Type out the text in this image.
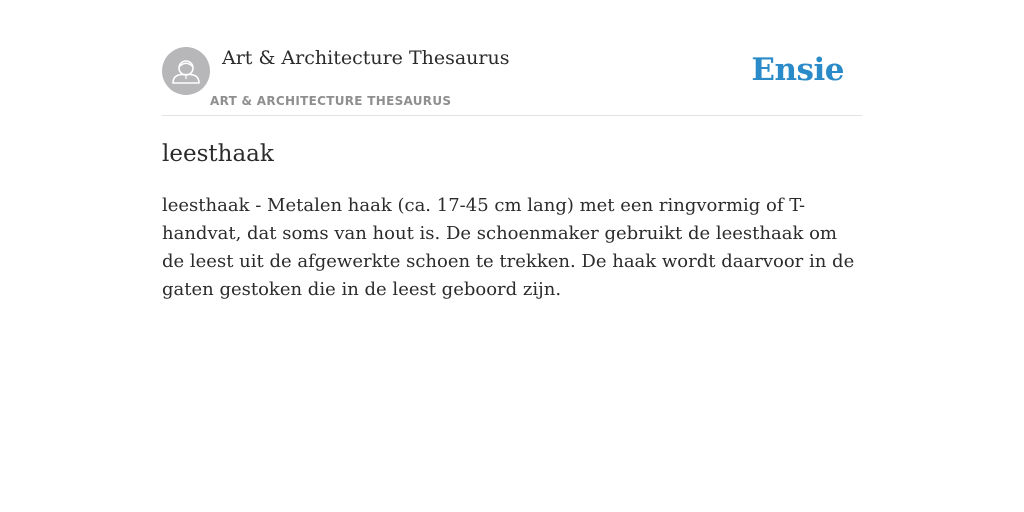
Art & Architecture Thesaurus
ART & ARCHITECTURE THESAURUS
Ensie
leesthaak

leesthaak - Metalen haak (ca. 17-45 cm lang) met een ringvormig of T-handvat, dat soms van hout is. De schoenmaker gebruikt de leesthaak om de leest uit de afgewerkte schoen te trekken. De haak wordt daarvoor in de gaten gestoken die in de leest geboord zijn.
